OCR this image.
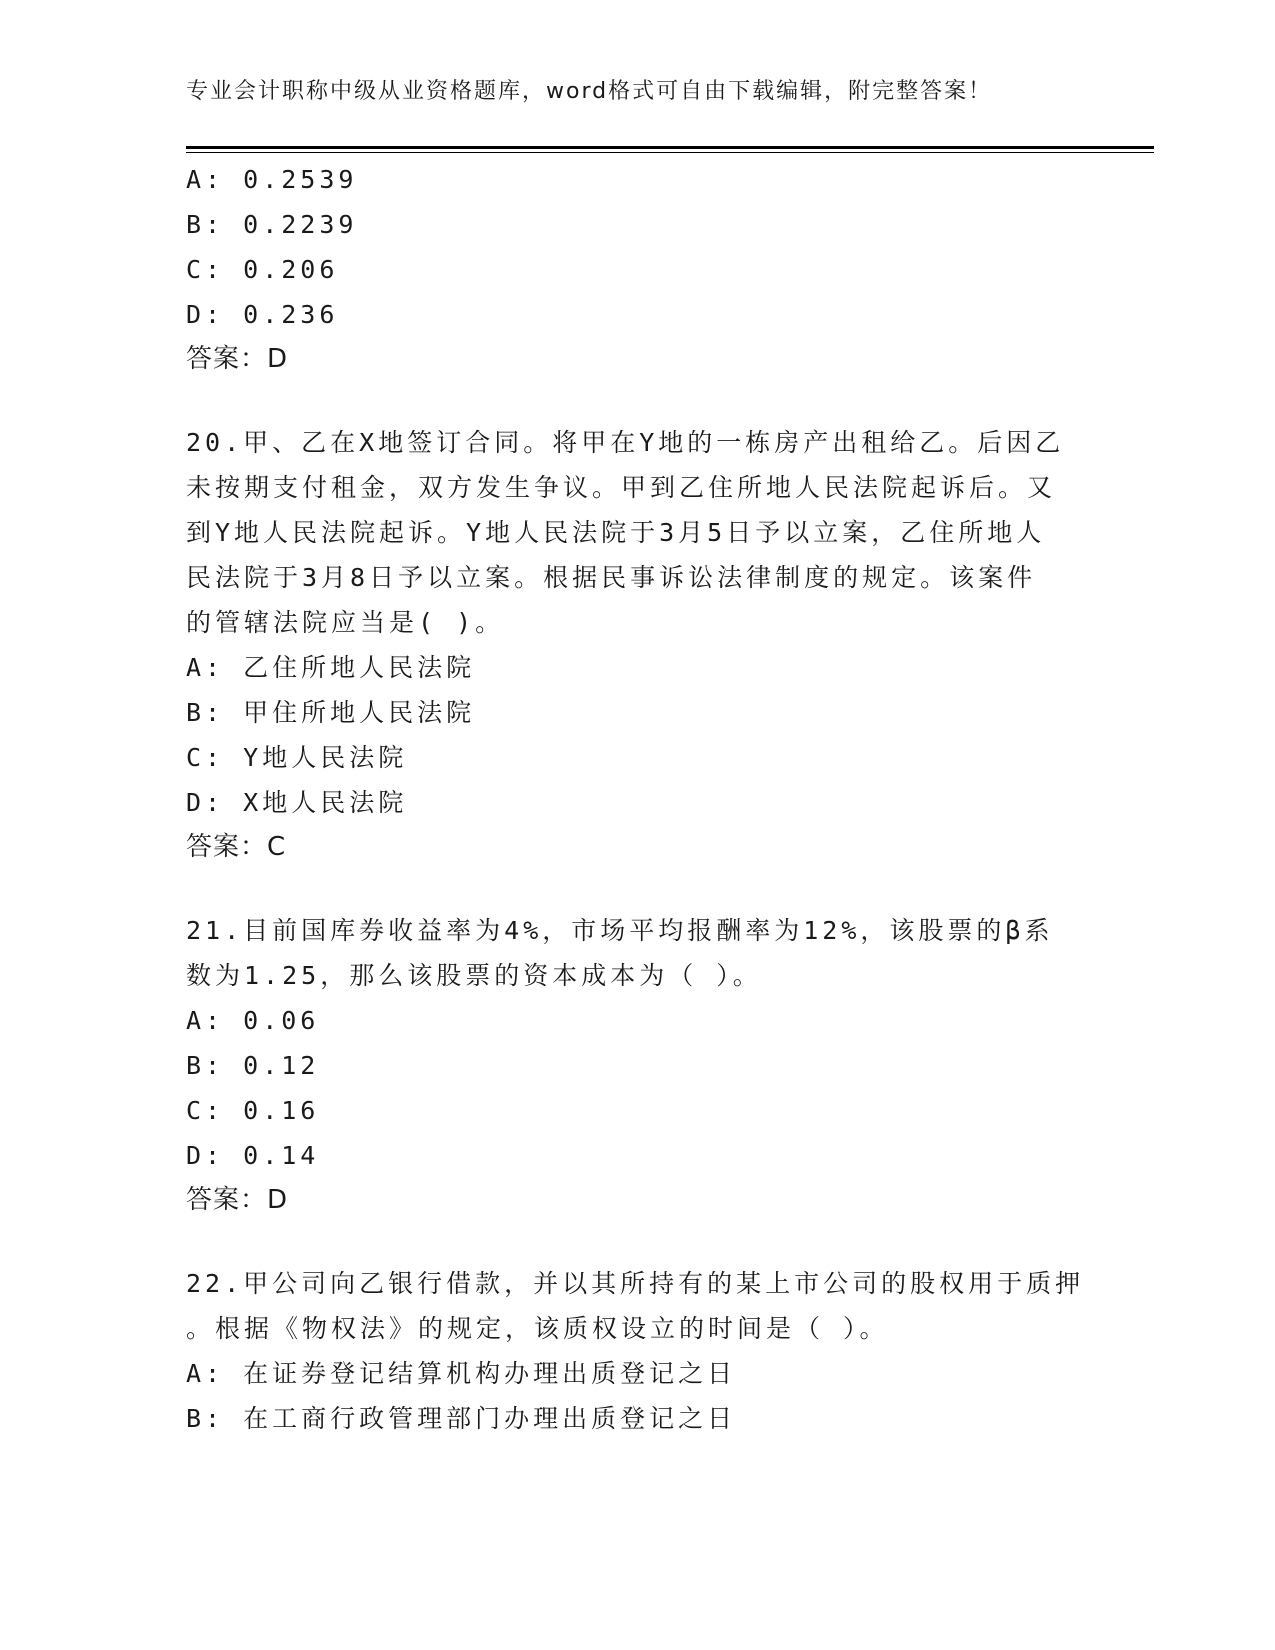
专业会计职称中级从业资格题库，word格式可自由下载编辑，附完整答案！
A: 0.2539
B: 0.2239
C: 0.206
D: 0.236
答案：D
20.甲、乙在X地签订合同。将甲在Y地的一栋房产出租给乙。后因乙
未按期支付租金，双方发生争议。甲到乙住所地人民法院起诉后。又
到Y地人民法院起诉。Y地人民法院于3月5日予以立案，乙住所地人
民法院于3月8日予以立案。根据民事诉讼法律制度的规定。该案件
的管辖法院应当是( )。
A: 乙住所地人民法院
B: 甲住所地人民法院
C: Y地人民法院
D: X地人民法院
答案：C
21.目前国库券收益率为4%，市场平均报酬率为12%，该股票的β系
数为1.25，那么该股票的资本成本为（ ）。
A: 0.06
B: 0.12
C: 0.16
D: 0.14
答案：D
22.甲公司向乙银行借款，并以其所持有的某上市公司的股权用于质押
。根据《物权法》的规定，该质权设立的时间是（ ）。
A: 在证券登记结算机构办理出质登记之日
B: 在工商行政管理部门办理出质登记之日
